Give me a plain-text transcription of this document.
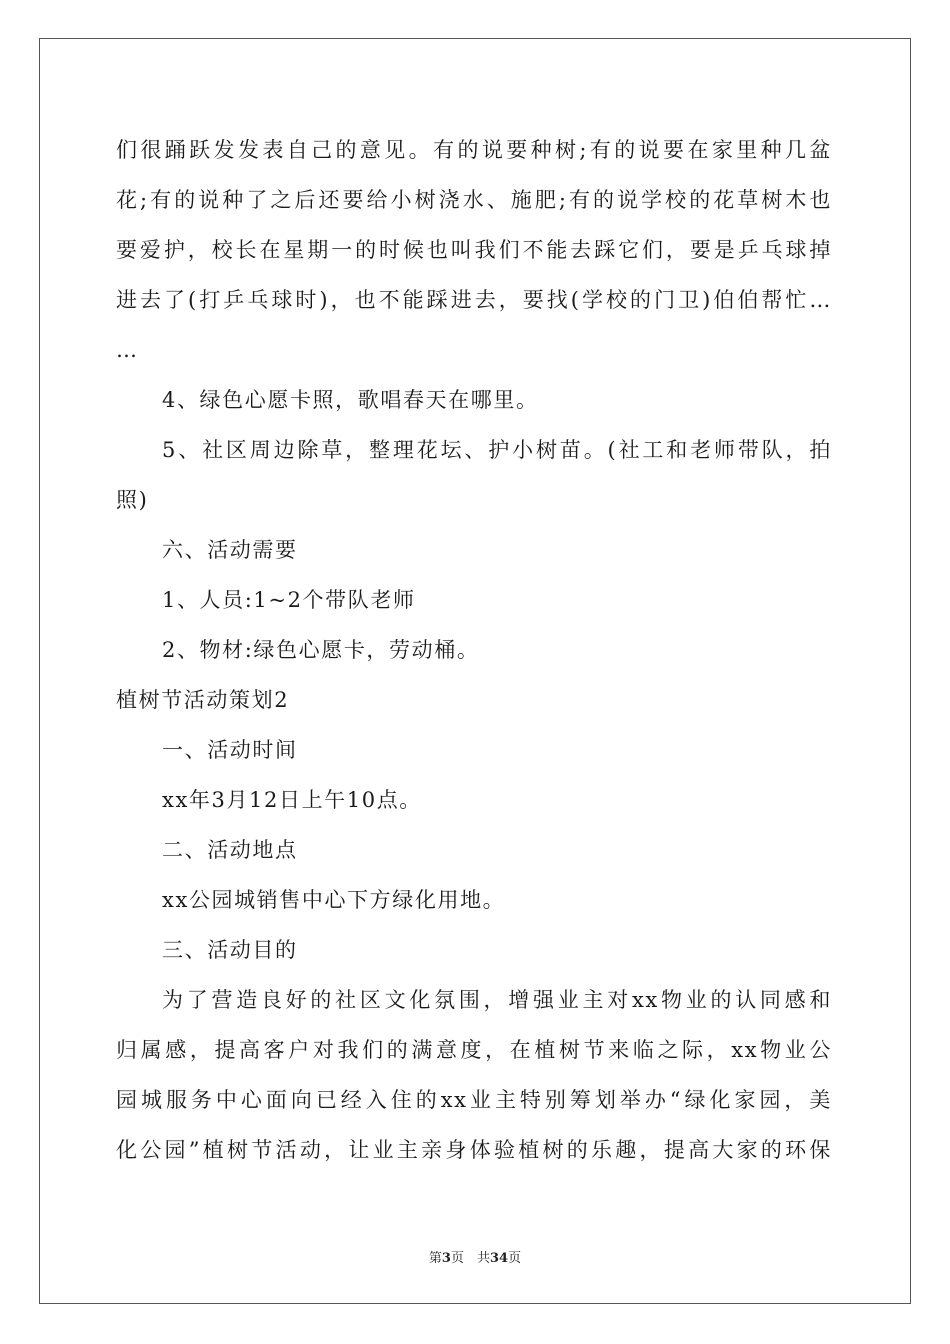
们很踊跃发发表自己的意见。有的说要种树;有的说要在家里种几盆
花;有的说种了之后还要给小树浇水、施肥;有的说学校的花草树木也
要爱护，校长在星期一的时候也叫我们不能去踩它们，要是乒乓球掉
进去了(打乒乓球时)，也不能踩进去，要找(学校的门卫)伯伯帮忙…
…
4、绿色心愿卡照，歌唱春天在哪里。
5、社区周边除草，整理花坛、护小树苗。(社工和老师带队，拍
照)
六、活动需要
1、人员:1~2个带队老师
2、物材:绿色心愿卡，劳动桶。
植树节活动策划2
一、活动时间
xx年3月12日上午10点。
二、活动地点
xx公园城销售中心下方绿化用地。
三、活动目的
为了营造良好的社区文化氛围，增强业主对xx物业的认同感和
归属感，提高客户对我们的满意度，在植树节来临之际，xx物业公
园城服务中心面向已经入住的xx业主特别筹划举办“绿化家园，美
化公园”植树节活动，让业主亲身体验植树的乐趣，提高大家的环保
第3页　共34页
